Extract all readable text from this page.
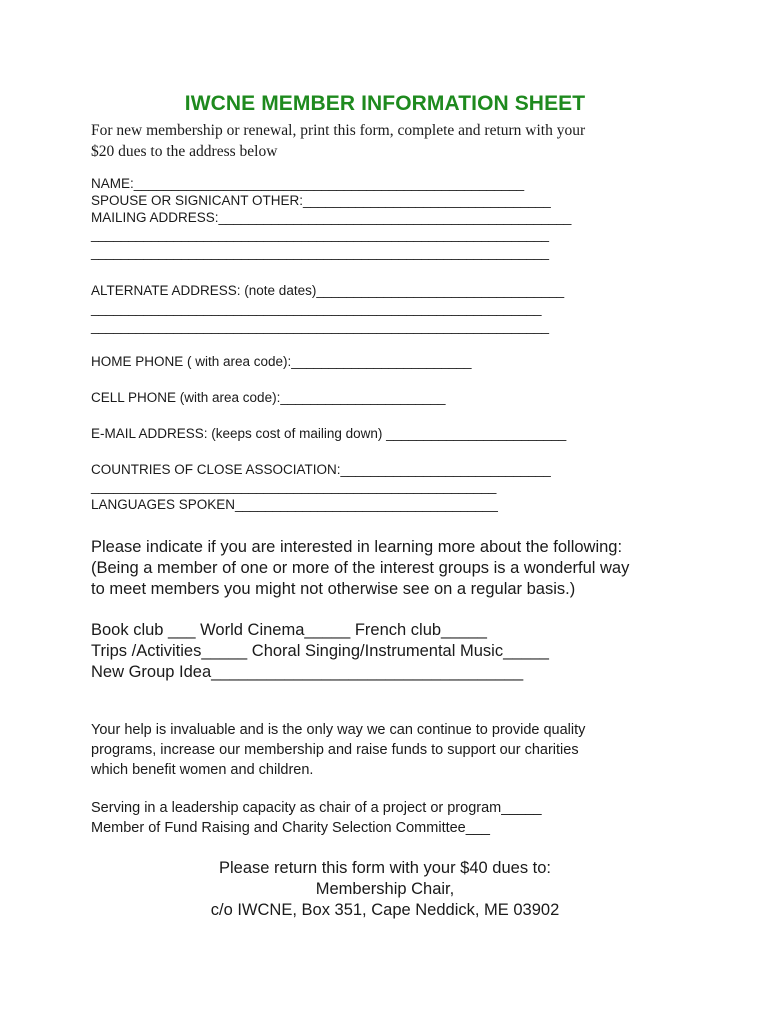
IWCNE MEMBER INFORMATION SHEET
For new membership or renewal, print this form, complete and return with your
$20 dues to the address below
NAME:____________________________________________________
SPOUSE OR SIGNICANT OTHER:_________________________________
MAILING ADDRESS:_______________________________________________
_____________________________________________________________
_____________________________________________________________
ALTERNATE ADDRESS: (note dates)_________________________________
____________________________________________________________
_____________________________________________________________
HOME PHONE ( with area code):________________________
CELL PHONE (with area code):______________________
E-MAIL ADDRESS: (keeps cost of mailing down) ________________________
COUNTRIES OF CLOSE ASSOCIATION:____________________________
______________________________________________________
LANGUAGES SPOKEN___________________________________
Please indicate if you are interested in learning more about the following:
(Being a member of one or more of the interest groups is a wonderful way
to meet members you might not otherwise see on a regular basis.)
Book club ___ World Cinema_____ French club_____
Trips /Activities_____ Choral Singing/Instrumental Music_____
New Group Idea__________________________________
Your help is invaluable and is the only way we can continue to provide quality
programs, increase our membership and raise funds to support our charities
which benefit women and children.
Serving in a leadership capacity as chair of a project or program_____
Member of Fund Raising and Charity Selection Committee___
Please return this form with your $40 dues to:
Membership Chair,
c/o IWCNE, Box 351, Cape Neddick, ME 03902
